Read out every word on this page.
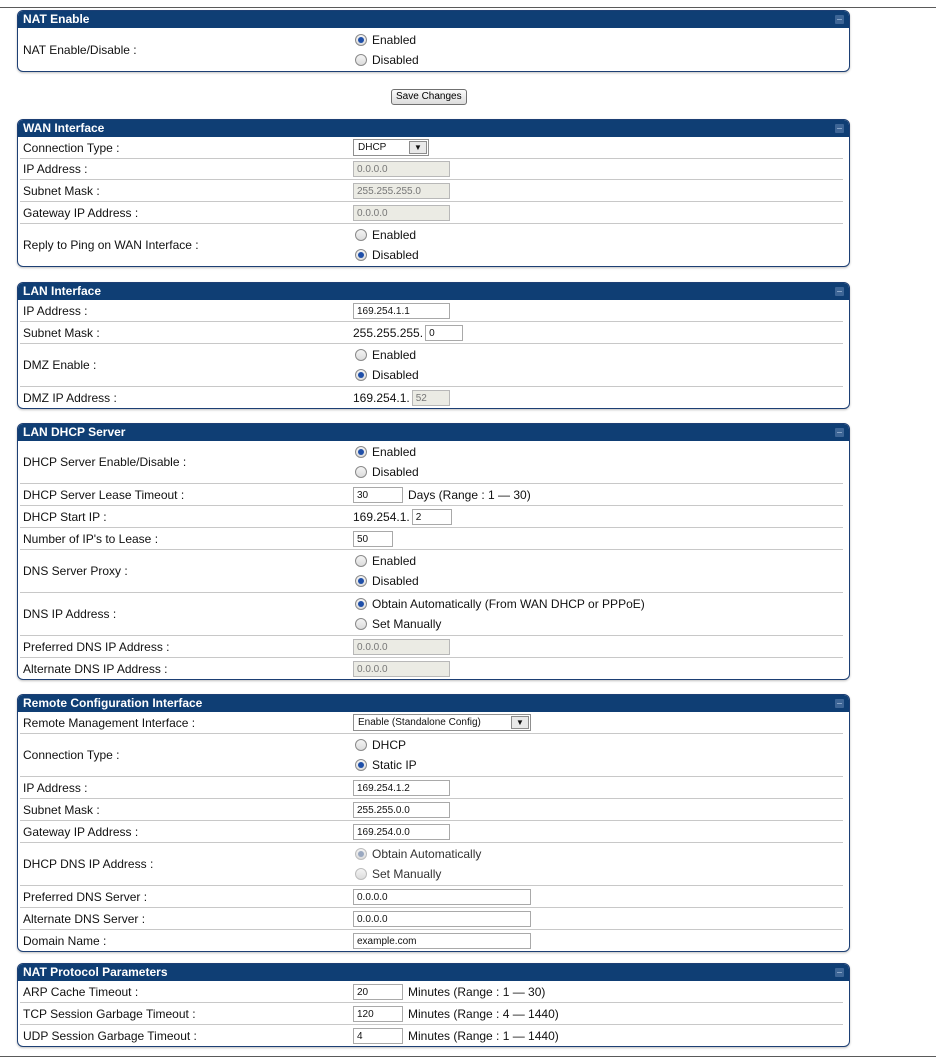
NAT Enable
NAT Enable/Disable :
Enabled
Disabled
Save Changes
WAN Interface
Connection Type :	DHCP	▼
IP Address :	0.0.0.0
Subnet Mask :	255.255.255.0
Gateway IP Address :	0.0.0.0
Reply to Ping on WAN Interface :
Enabled
Disabled
LAN Interface
IP Address :	169.254.1.1
Subnet Mask :	255.255.255. 0
DMZ Enable :
Enabled
Disabled
DMZ IP Address :	169.254.1. 52
LAN DHCP Server
DHCP Server Enable/Disable :
Enabled
Disabled
DHCP Server Lease Timeout :	30	Days (Range : 1 — 30)
DHCP Start IP :	169.254.1. 2
Number of IP's to Lease :	50
DNS Server Proxy :
Enabled
Disabled
DNS IP Address :
Obtain Automatically (From WAN DHCP or PPPoE)
Set Manually
Preferred DNS IP Address :	0.0.0.0
Alternate DNS IP Address :	0.0.0.0
Remote Configuration Interface
Remote Management Interface :	Enable (Standalone Config)	▼
Connection Type :
DHCP
Static IP
IP Address :	169.254.1.2
Subnet Mask :	255.255.0.0
Gateway IP Address :	169.254.0.0
DHCP DNS IP Address :
Obtain Automatically
Set Manually
Preferred DNS Server :	0.0.0.0
Alternate DNS Server :	0.0.0.0
Domain Name :	example.com
NAT Protocol Parameters
ARP Cache Timeout :	20	Minutes (Range : 1 — 30)
TCP Session Garbage Timeout :	120	Minutes (Range : 4 — 1440)
UDP Session Garbage Timeout :	4	Minutes (Range : 1 — 1440)
